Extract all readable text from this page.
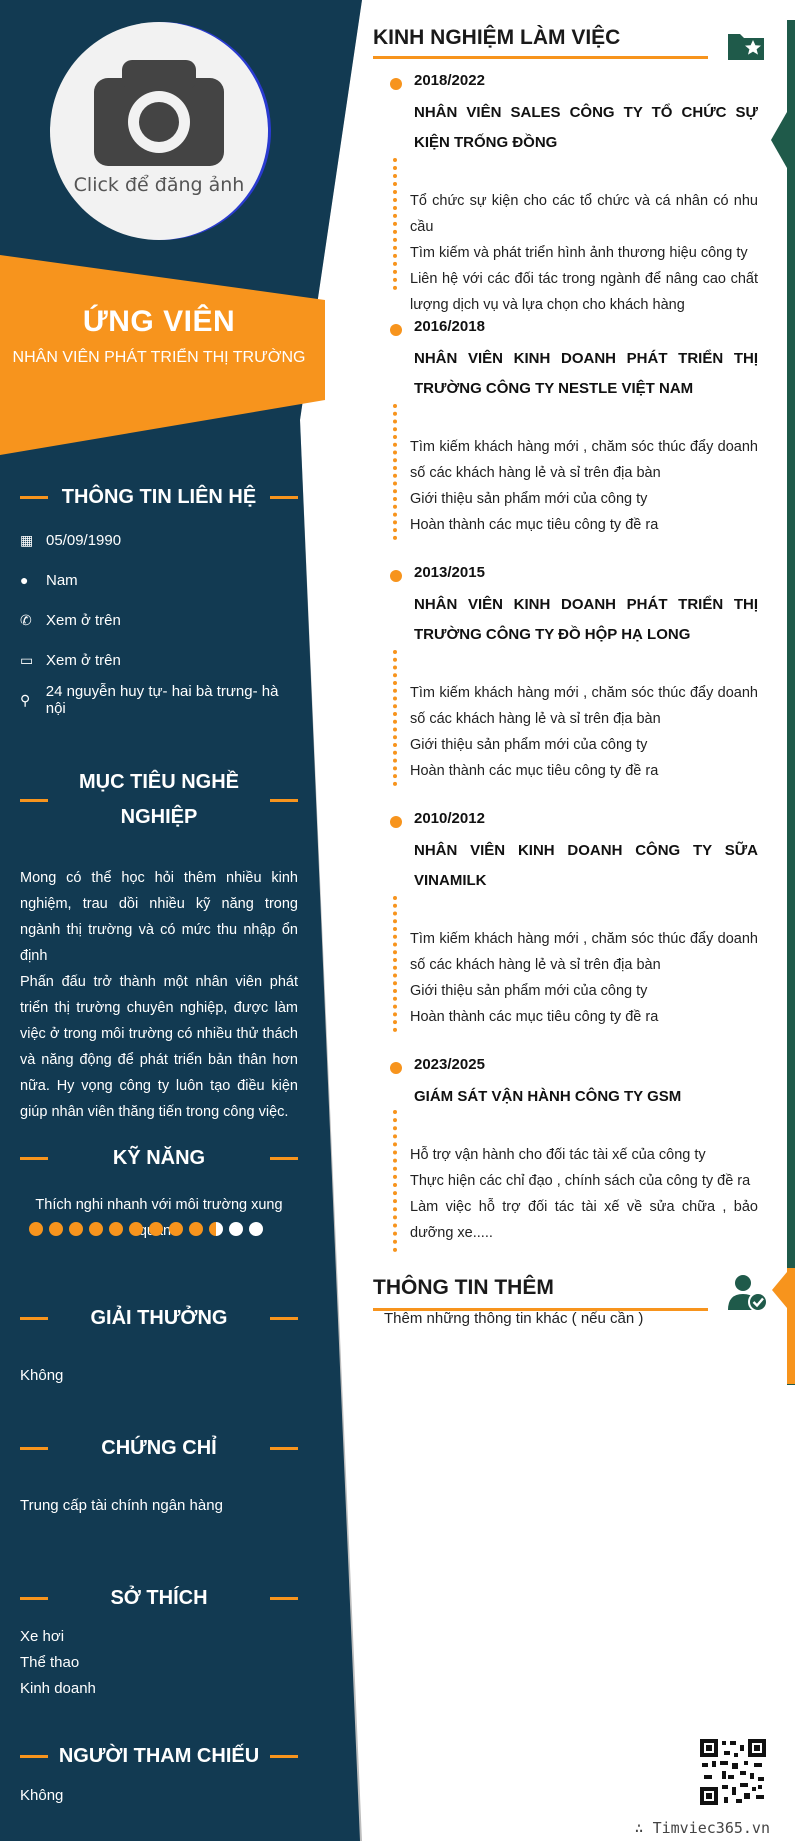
Click để đăng ảnh
ỨNG VIÊN
NHÂN VIÊN PHÁT TRIỂN THỊ TRƯỜNG
THÔNG TIN LIÊN HỆ
▦ 05/09/1990
●	Nam
✆ Xem ở trên
▭ Xem ở trên
⚲	24 nguyễn huy tự- hai bà trưng- hà nội
MỤC TIÊU NGHỀ
NGHIỆP
Mong có thể học hỏi thêm nhiều kinh nghiệm, trau dồi nhiều kỹ năng trong ngành thị trường và có mức thu nhập ổn định
Phấn đấu trở thành một nhân viên phát triển thị trường chuyên nghiệp, được làm việc ở trong môi trường có nhiều thử thách và năng động để phát triển bản thân hơn nữa. Hy vọng công ty luôn tạo điều kiện giúp nhân viên thăng tiến trong công việc.
KỸ NĂNG
Thích nghi nhanh với môi trường xung
GIẢI THƯỞNG
Không
CHỨNG CHỈ
Trung cấp tài chính ngân hàng
SỞ THÍCH
Xe hơi
Thể thao
Kinh doanh
NGƯỜI THAM CHIẾU
Không
KINH NGHIỆM LÀM VIỆC
2018/2022
NHÂN VIÊN SALES CÔNG TY TỔ CHỨC SỰ KIỆN TRỐNG ĐỒNG
Tổ chức sự kiện cho các tổ chức và cá nhân có nhu cầu
Tìm kiếm và phát triển hình ảnh thương hiệu công ty
Liên hệ với các đối tác trong ngành để nâng cao chất lượng dịch vụ và lựa chọn cho khách hàng
2016/2018
NHÂN VIÊN KINH DOANH PHÁT TRIỂN THỊ TRƯỜNG CÔNG TY NESTLE VIỆT NAM
Tìm kiếm khách hàng mới , chăm sóc thúc đẩy doanh số các khách hàng lẻ và sỉ trên địa bàn
Giới thiệu sản phẩm mới của công ty
Hoàn thành các mục tiêu công ty đề ra
2013/2015
NHÂN VIÊN KINH DOANH PHÁT TRIỂN THỊ TRƯỜNG CÔNG TY ĐỒ HỘP HẠ LONG
Tìm kiếm khách hàng mới , chăm sóc thúc đẩy doanh số các khách hàng lẻ và sỉ trên địa bàn
Giới thiệu sản phẩm mới của công ty
Hoàn thành các mục tiêu công ty đề ra
2010/2012
NHÂN VIÊN KINH DOANH CÔNG TY SỮA VINAMILK
Tìm kiếm khách hàng mới , chăm sóc thúc đẩy doanh số các khách hàng lẻ và sỉ trên địa bàn
Giới thiệu sản phẩm mới của công ty
Hoàn thành các mục tiêu công ty đề ra
2023/2025
GIÁM SÁT VẬN HÀNH CÔNG TY GSM
Hỗ trợ vận hành cho đối tác tài xế của công ty
Thực hiện các chỉ đạo , chính sách của công ty đề ra
Làm việc hỗ trợ đối tác tài xế về sửa chữa , bảo dưỡng xe.....
THÔNG TIN THÊM
Thêm những thông tin khác ( nếu cần )
∴ Timviec365.vn
